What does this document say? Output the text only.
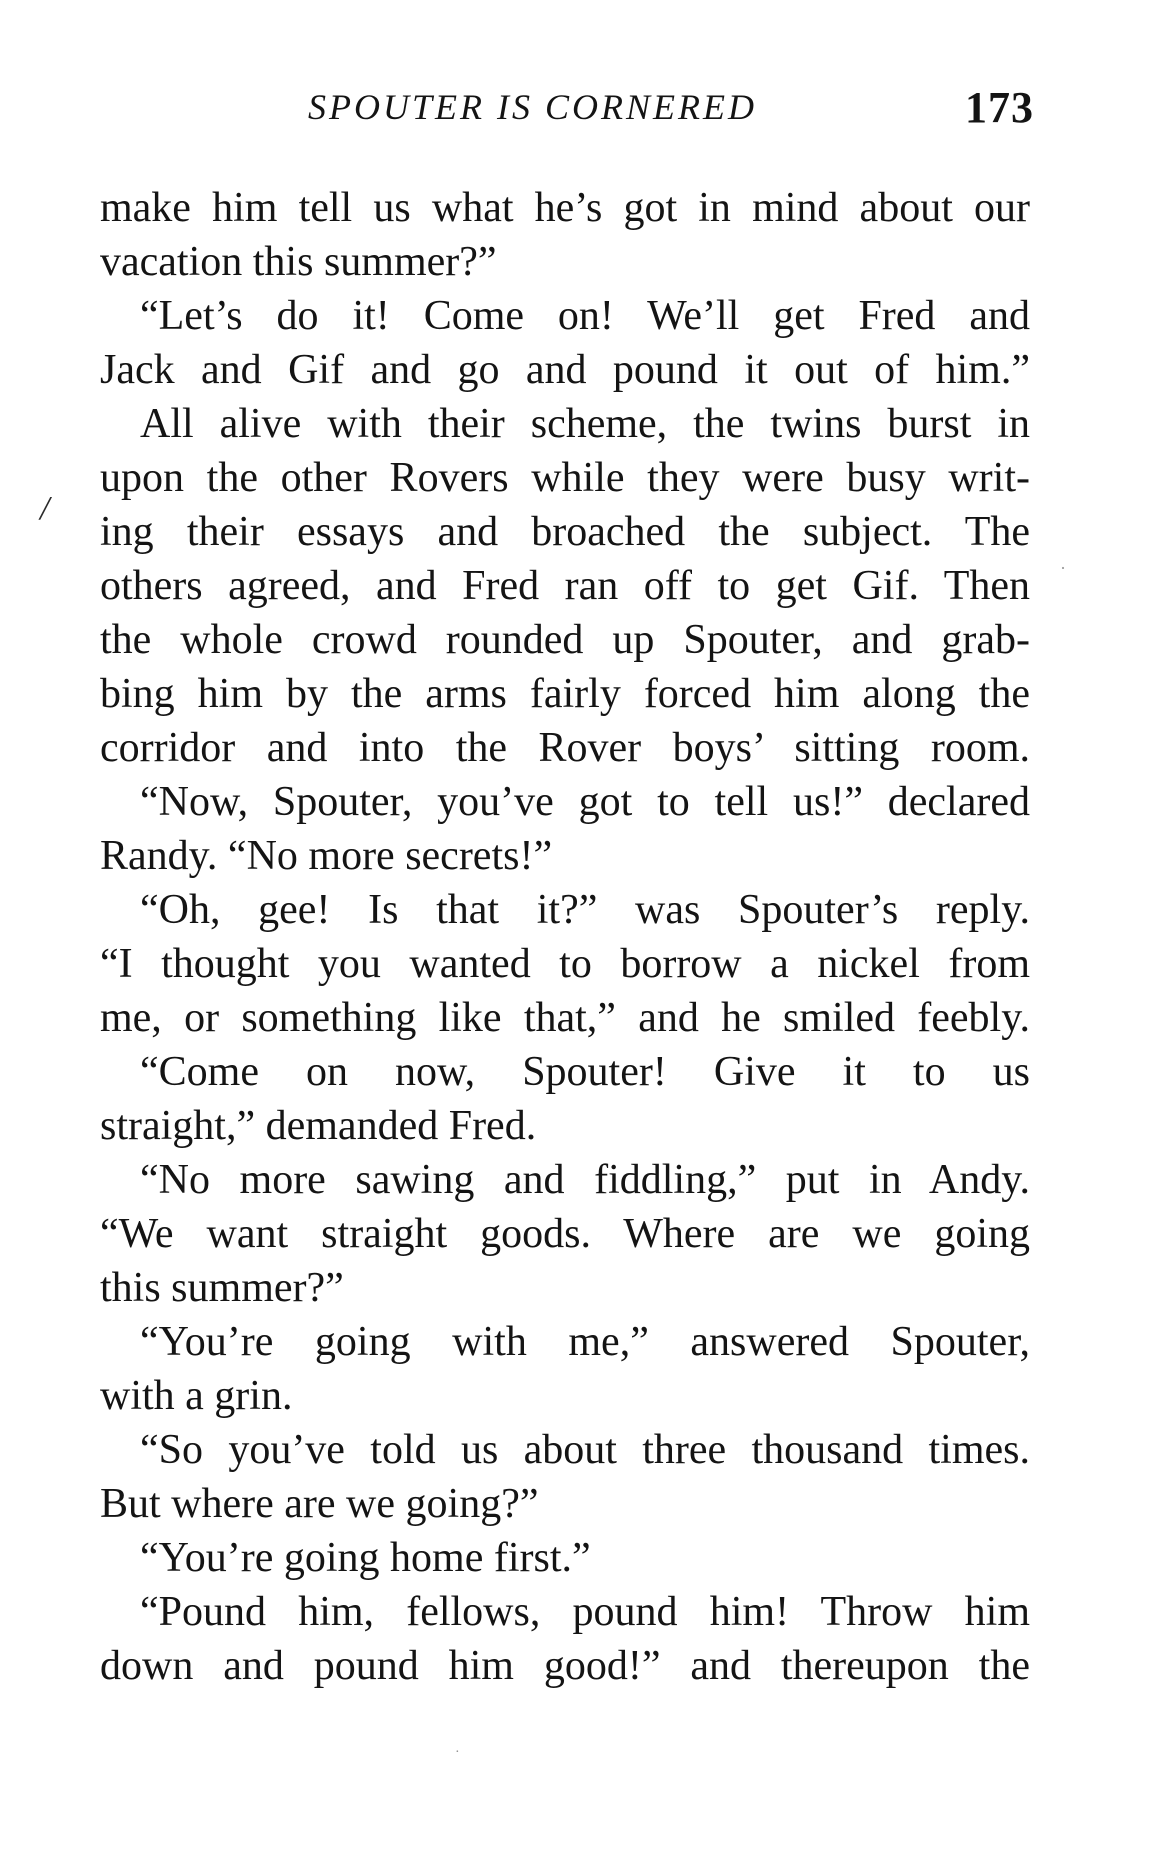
SPOUTER IS CORNERED	173
/
·
·
make him tell us what he’s got in mind about our
vacation this summer?”
“Let’s do it! Come on! We’ll get Fred and
Jack and Gif and go and pound it out of him.”
All alive with their scheme, the twins burst in
upon the other Rovers while they were busy writ-
ing their essays and broached the subject. The
others agreed, and Fred ran off to get Gif. Then
the whole crowd rounded up Spouter, and grab-
bing him by the arms fairly forced him along the
corridor and into the Rover boys’ sitting room.
“Now, Spouter, you’ve got to tell us!” declared
Randy. “No more secrets!”
“Oh, gee! Is that it?” was Spouter’s reply.
“I thought you wanted to borrow a nickel from
me, or something like that,” and he smiled feebly.
“Come on now, Spouter! Give it to us
straight,” demanded Fred.
“No more sawing and fiddling,” put in Andy.
“We want straight goods. Where are we going
this summer?”
“You’re going with me,” answered Spouter,
with a grin.
“So you’ve told us about three thousand times.
But where are we going?”
“You’re going home first.”
“Pound him, fellows, pound him! Throw him
down and pound him good!” and thereupon the
